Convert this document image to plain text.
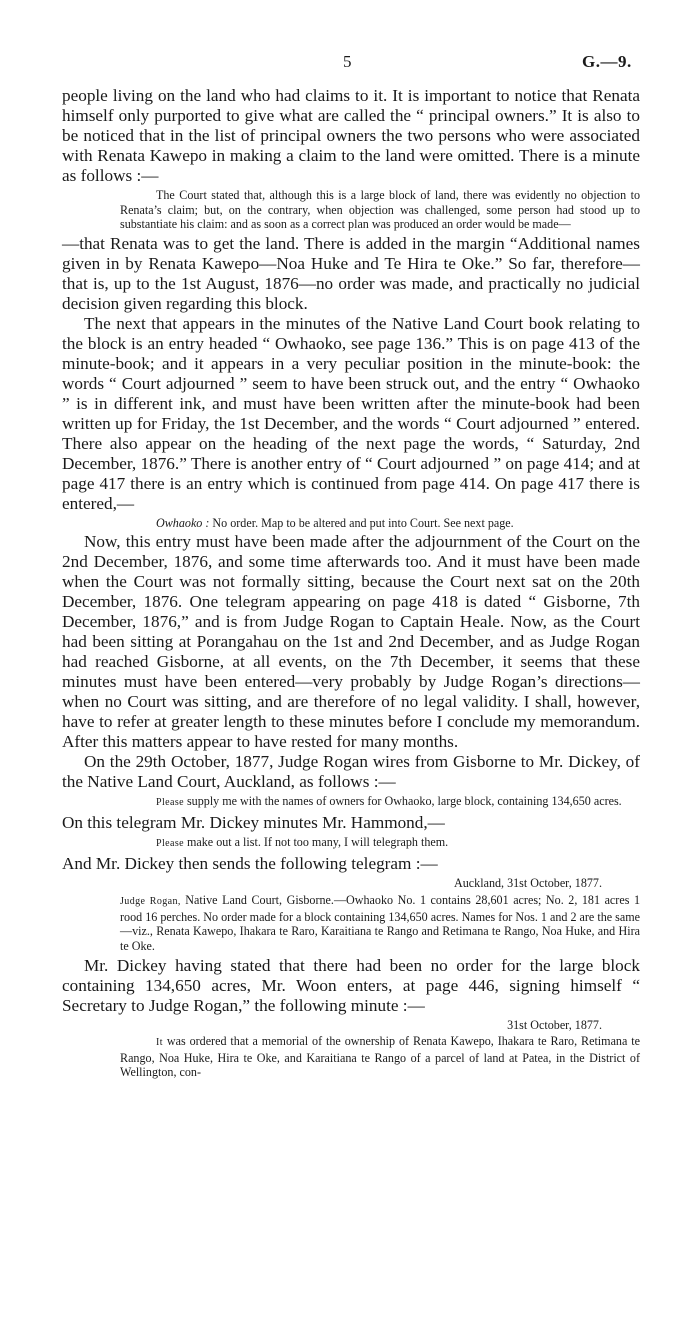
5	G.—9.

people living on the land who had claims to it. It is important to notice that Renata himself only purported to give what are called the “ principal owners.” It is also to be noticed that in the list of principal owners the two persons who were associated with Renata Kawepo in making a claim to the land were omitted. There is a minute as follows :—

The Court stated that, although this is a large block of land, there was evidently no objection to Renata’s claim; but, on the contrary, when objection was challenged, some person had stood up to substantiate his claim: and as soon as a correct plan was produced an order would be made—

—that Renata was to get the land. There is added in the margin “Additional names given in by Renata Kawepo—Noa Huke and Te Hira te Oke.” So far, therefore—that is, up to the 1st August, 1876—no order was made, and practically no judicial decision given regarding this block.

The next that appears in the minutes of the Native Land Court book relating to the block is an entry headed “ Owhaoko, see page 136.” This is on page 413 of the minute-book; and it appears in a very peculiar position in the minute-book: the words “ Court adjourned ” seem to have been struck out, and the entry “ Owhaoko ” is in different ink, and must have been written after the minute-book had been written up for Friday, the 1st December, and the words “ Court adjourned ” entered. There also appear on the heading of the next page the words, “ Saturday, 2nd December, 1876.” There is another entry of “ Court adjourned ” on page 414; and at page 417 there is an entry which is continued from page 414. On page 417 there is entered,—

Owhaoko : No order. Map to be altered and put into Court. See next page.

Now, this entry must have been made after the adjournment of the Court on the 2nd December, 1876, and some time afterwards too. And it must have been made when the Court was not formally sitting, because the Court next sat on the 20th December, 1876. One telegram appearing on page 418 is dated “ Gisborne, 7th December, 1876,” and is from Judge Rogan to Captain Heale. Now, as the Court had been sitting at Porangahau on the 1st and 2nd December, and as Judge Rogan had reached Gisborne, at all events, on the 7th December, it seems that these minutes must have been entered—very probably by Judge Rogan’s directions—when no Court was sitting, and are therefore of no legal validity. I shall, however, have to refer at greater length to these minutes before I conclude my memorandum. After this matters appear to have rested for many months.

On the 29th October, 1877, Judge Rogan wires from Gisborne to Mr. Dickey, of the Native Land Court, Auckland, as follows :—

Please supply me with the names of owners for Owhaoko, large block, containing 134,650 acres.

On this telegram Mr. Dickey minutes Mr. Hammond,—

Please make out a list. If not too many, I will telegraph them.

And Mr. Dickey then sends the following telegram :—

Auckland, 31st October, 1877.

Judge Rogan, Native Land Court, Gisborne.—Owhaoko No. 1 contains 28,601 acres; No. 2, 181 acres 1 rood 16 perches. No order made for a block containing 134,650 acres. Names for Nos. 1 and 2 are the same—viz., Renata Kawepo, Ihakara te Raro, Karaitiana te Rango and Retimana te Rango, Noa Huke, and Hira te Oke.

Mr. Dickey having stated that there had been no order for the large block containing 134,650 acres, Mr. Woon enters, at page 446, signing himself “ Secretary to Judge Rogan,” the following minute :—

31st October, 1877.

It was ordered that a memorial of the ownership of Renata Kawepo, Ihakara te Raro, Retimana te Rango, Noa Huke, Hira te Oke, and Karaitiana te Rango of a parcel of land at Patea, in the District of Wellington, con-
